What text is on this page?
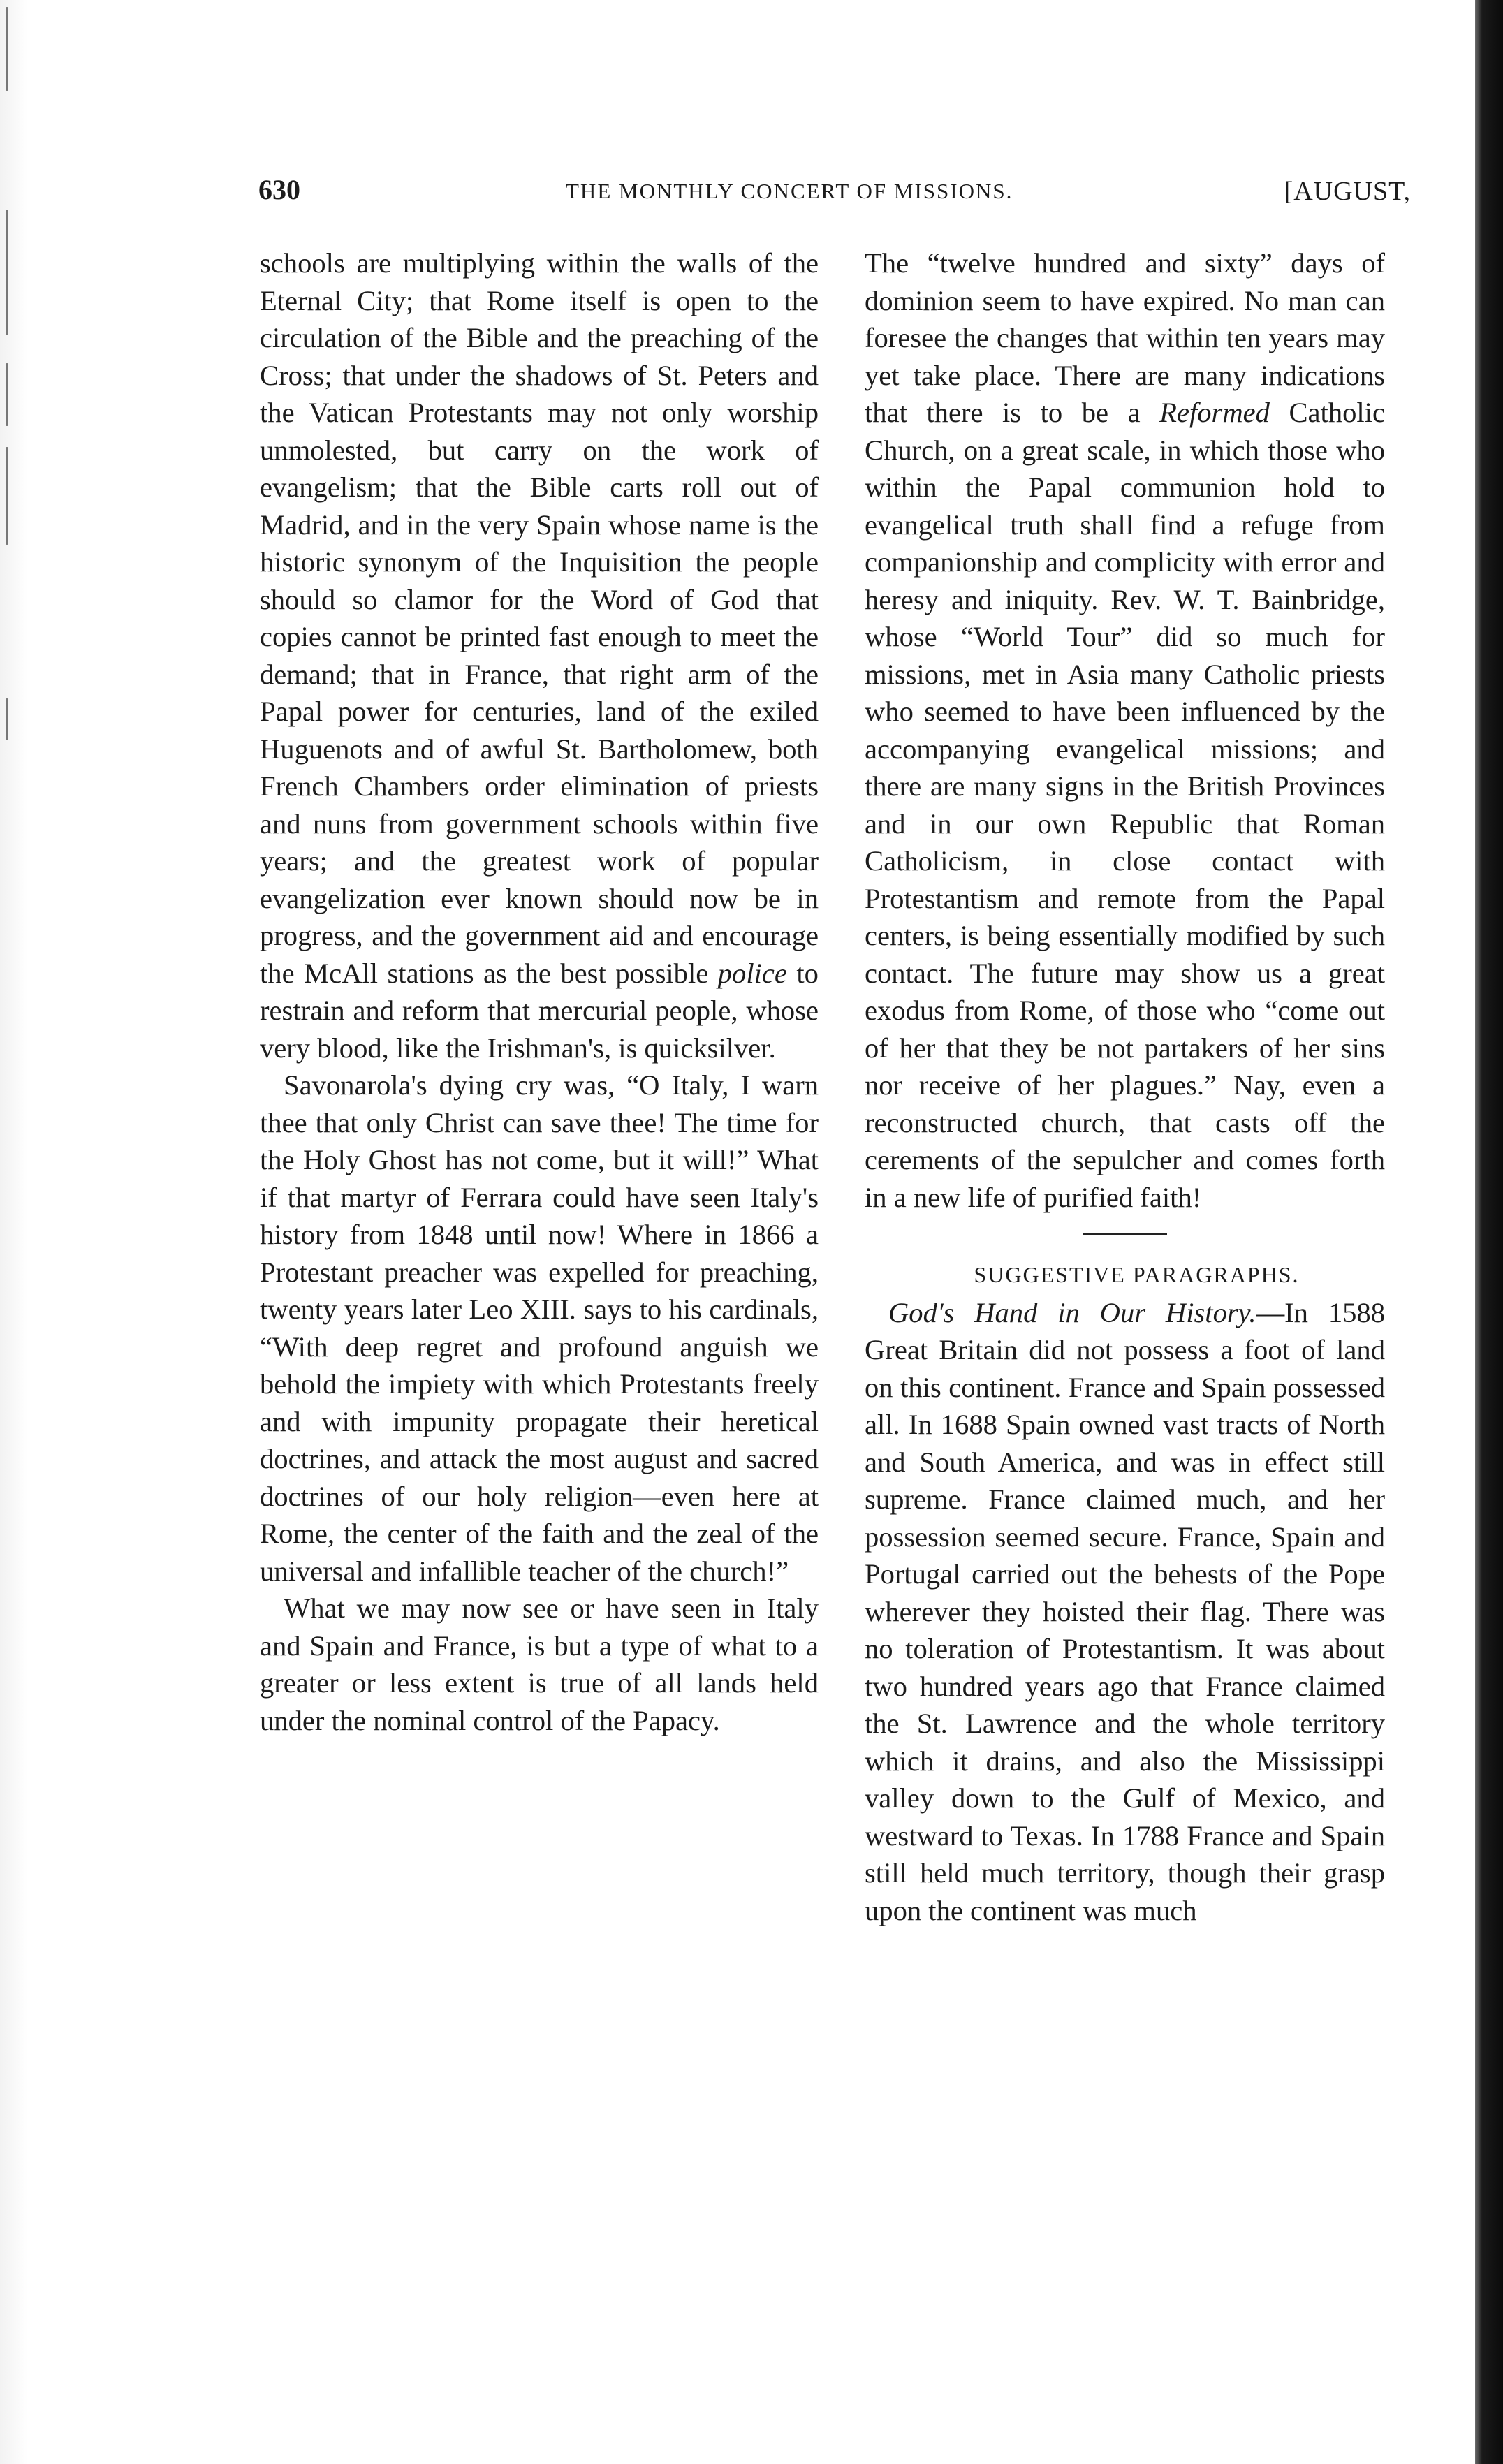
630	THE MONTHLY CONCERT OF MISSIONS.	[AUGUST,

schools are multiplying within the walls of the Eternal City; that Rome itself is open to the circulation of the Bible and the preaching of the Cross; that under the shadows of St. Peters and the Vatican Protestants may not only worship unmolested, but carry on the work of evangelism; that the Bible carts roll out of Madrid, and in the very Spain whose name is the historic synonym of the Inquisition the people should so clamor for the Word of God that copies cannot be printed fast enough to meet the demand; that in France, that right arm of the Papal power for centuries, land of the exiled Huguenots and of awful St. Bartholomew, both French Chambers order elimination of priests and nuns from government schools within five years; and the greatest work of popular evangelization ever known should now be in progress, and the government aid and encourage the McAll stations as the best possible police to restrain and reform that mercurial people, whose very blood, like the Irishman's, is quicksilver.

Savonarola's dying cry was, “O Italy, I warn thee that only Christ can save thee! The time for the Holy Ghost has not come, but it will!” What if that martyr of Ferrara could have seen Italy's history from 1848 until now! Where in 1866 a Protestant preacher was expelled for preaching, twenty years later Leo XIII. says to his cardinals, “With deep regret and profound anguish we behold the impiety with which Protestants freely and with impunity propagate their heretical doctrines, and attack the most august and sacred doctrines of our holy religion—even here at Rome, the center of the faith and the zeal of the universal and infallible teacher of the church!”

What we may now see or have seen in Italy and Spain and France, is but a type of what to a greater or less extent is true of all lands held under the nominal control of the Papacy.

The “twelve hundred and sixty” days of dominion seem to have expired. No man can foresee the changes that within ten years may yet take place. There are many indications that there is to be a Reformed Catholic Church, on a great scale, in which those who within the Papal communion hold to evangelical truth shall find a refuge from companionship and complicity with error and heresy and iniquity. Rev. W. T. Bainbridge, whose “World Tour” did so much for missions, met in Asia many Catholic priests who seemed to have been influenced by the accompanying evangelical missions; and there are many signs in the British Provinces and in our own Republic that Roman Catholicism, in close contact with Protestantism and remote from the Papal centers, is being essentially modified by such contact. The future may show us a great exodus from Rome, of those who “come out of her that they be not partakers of her sins nor receive of her plagues.” Nay, even a reconstructed church, that casts off the cerements of the sepulcher and comes forth in a new life of purified faith!

SUGGESTIVE PARAGRAPHS.

God's Hand in Our History.—In 1588 Great Britain did not possess a foot of land on this continent. France and Spain possessed all. In 1688 Spain owned vast tracts of North and South America, and was in effect still supreme. France claimed much, and her possession seemed secure. France, Spain and Portugal carried out the behests of the Pope wherever they hoisted their flag. There was no toleration of Protestantism. It was about two hundred years ago that France claimed the St. Lawrence and the whole territory which it drains, and also the Mississippi valley down to the Gulf of Mexico, and westward to Texas. In 1788 France and Spain still held much territory, though their grasp upon the continent was much
